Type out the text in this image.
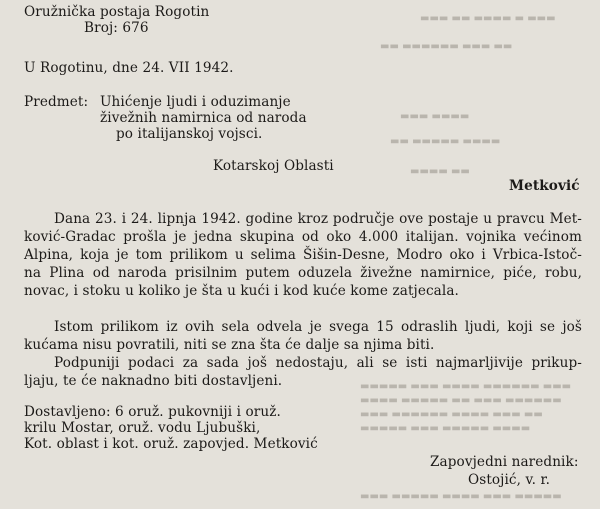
▬▬▬ ▬▬ ▬▬▬▬ ▬ ▬▬▬
▬▬ ▬▬▬▬▬▬ ▬▬▬ ▬▬
▬▬▬ ▬▬▬▬
▬▬ ▬▬▬▬▬ ▬▬▬▬
▬▬▬▬ ▬▬
▬▬▬▬▬ ▬▬▬ ▬▬▬▬ ▬▬▬▬▬▬ ▬▬▬
▬▬▬▬ ▬▬▬▬▬ ▬▬ ▬▬▬ ▬▬▬▬▬▬
▬▬▬ ▬▬▬▬▬▬ ▬▬▬▬ ▬▬▬ ▬▬
▬▬▬▬▬ ▬▬▬ ▬▬▬▬▬ ▬▬▬▬
▬▬▬ ▬▬▬▬▬ ▬▬▬▬ ▬▬▬ ▬▬▬▬▬
Oružnička postaja Rogotin
Broj: 676
U Rogotinu, dne 24. VII 1942.
Predmet: Uhićenje ljudi i oduzimanje
živežnih namirnica od naroda
po italijanskoj vojsci.
Kotarskoj Oblasti
Metković
Dana 23. i 24. lipnja 1942. godine kroz područje ove postaje u pravcu Met-
ković-Gradac prošla je jedna skupina od oko 4.000 italijan. vojnika većinom
Alpina, koja je tom prilikom u selima Šišin-Desne, Modro oko i Vrbica-Istoč-
na Plina od naroda prisilnim putem oduzela živežne namirnice, piće, robu,
novac, i stoku u koliko je šta u kući i kod kuće kome zatjecala.
Istom prilikom iz ovih sela odvela je svega 15 odraslih ljudi, koji se još
kućama nisu povratili, niti se zna šta će dalje sa njima biti.
Podpuniji podaci za sada još nedostaju, ali se isti najmarljivije prikup-
ljaju, te će naknadno biti dostavljeni.
Dostavljeno: 6 oruž. pukovniji i oruž.
krilu Mostar, oruž. vodu Ljubuški,
Kot. oblast i kot. oruž. zapovjed. Metković
Zapovjedni narednik:
Ostojić, v. r.
